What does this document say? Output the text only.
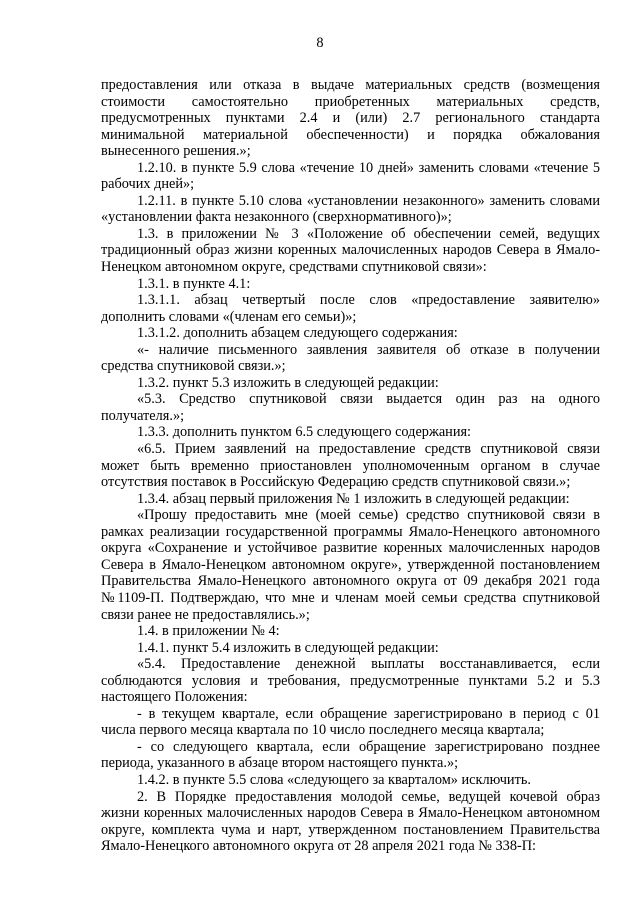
8

предоставления или отказа в выдаче материальных средств (возмещения стоимости самостоятельно приобретенных материальных средств, предусмотренных пунктами 2.4 и (или) 2.7 регионального стандарта минимальной материальной обеспеченности) и порядка обжалования вынесенного решения.»;

1.2.10. в пункте 5.9 слова «течение 10 дней» заменить словами «течение 5 рабочих дней»;

1.2.11. в пункте 5.10 слова «установлении незаконного» заменить словами «установлении факта незаконного (сверхнормативного)»;

1.3. в приложении № 3 «Положение об обеспечении семей, ведущих традиционный образ жизни коренных малочисленных народов Севера в Ямало-Ненецком автономном округе, средствами спутниковой связи»:

1.3.1. в пункте 4.1:

1.3.1.1. абзац четвертый после слов «предоставление заявителю» дополнить словами «(членам его семьи)»;

1.3.1.2. дополнить абзацем следующего содержания:

«- наличие письменного заявления заявителя об отказе в получении средства спутниковой связи.»;

1.3.2. пункт 5.3 изложить в следующей редакции:

«5.3. Средство спутниковой связи выдается один раз на одного получателя.»;

1.3.3. дополнить пунктом 6.5 следующего содержания:

«6.5. Прием заявлений на предоставление средств спутниковой связи может быть временно приостановлен уполномоченным органом в случае отсутствия поставок в Российскую Федерацию средств спутниковой связи.»;

1.3.4. абзац первый приложения № 1 изложить в следующей редакции:

«Прошу предоставить мне (моей семье) средство спутниковой связи в рамках реализации государственной программы Ямало-Ненецкого автономного округа «Сохранение и устойчивое развитие коренных малочисленных народов Севера в Ямало-Ненецком автономном округе», утвержденной постановлением Правительства Ямало-Ненецкого автономного округа от 09 декабря 2021 года №1109-П. Подтверждаю, что мне и членам моей семьи средства спутниковой связи ранее не предоставлялись.»;

1.4. в приложении № 4:

1.4.1. пункт 5.4 изложить в следующей редакции:

«5.4. Предоставление денежной выплаты восстанавливается, если соблюдаются условия и требования, предусмотренные пунктами 5.2 и 5.3 настоящего Положения:

- в текущем квартале, если обращение зарегистрировано в период с 01 числа первого месяца квартала по 10 число последнего месяца квартала;

- со следующего квартала, если обращение зарегистрировано позднее периода, указанного в абзаце втором настоящего пункта.»;

1.4.2. в пункте 5.5 слова «следующего за кварталом» исключить.

2. В Порядке предоставления молодой семье, ведущей кочевой образ жизни коренных малочисленных народов Севера в Ямало-Ненецком автономном округе, комплекта чума и нарт, утвержденном постановлением Правительства Ямало-Ненецкого автономного округа от 28 апреля 2021 года № 338-П:
